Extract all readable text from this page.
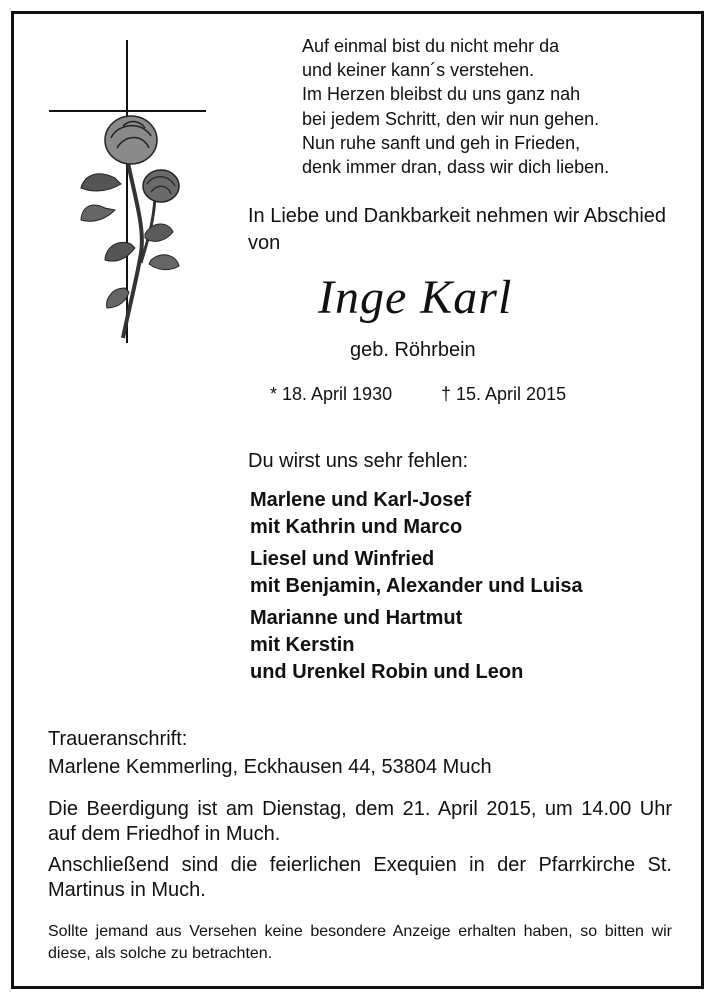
Auf einmal bist du nicht mehr da
und keiner kann´s verstehen.
Im Herzen bleibst du uns ganz nah
bei jedem Schritt, den wir nun gehen.
Nun ruhe sanft und geh in Frieden,
denk immer dran, dass wir dich lieben.
In Liebe und Dankbarkeit nehmen wir Abschied von
Inge Karl
geb. Röhrbein
* 18. April 1930	† 15. April 2015
Du wirst uns sehr fehlen:
Marlene und Karl-Josef
mit Kathrin und Marco
Liesel und Winfried
mit Benjamin, Alexander und Luisa
Marianne und Hartmut
mit Kerstin
und Urenkel Robin und Leon
Traueranschrift:
Marlene Kemmerling, Eckhausen 44, 53804 Much

Die Beerdigung ist am Dienstag, dem 21. April 2015, um 14.00 Uhr auf dem Friedhof in Much.

Anschließend sind die feierlichen Exequien in der Pfarrkirche St. Martinus in Much.

Sollte jemand aus Versehen keine besondere Anzeige erhalten haben, so bitten wir diese, als solche zu betrachten.
